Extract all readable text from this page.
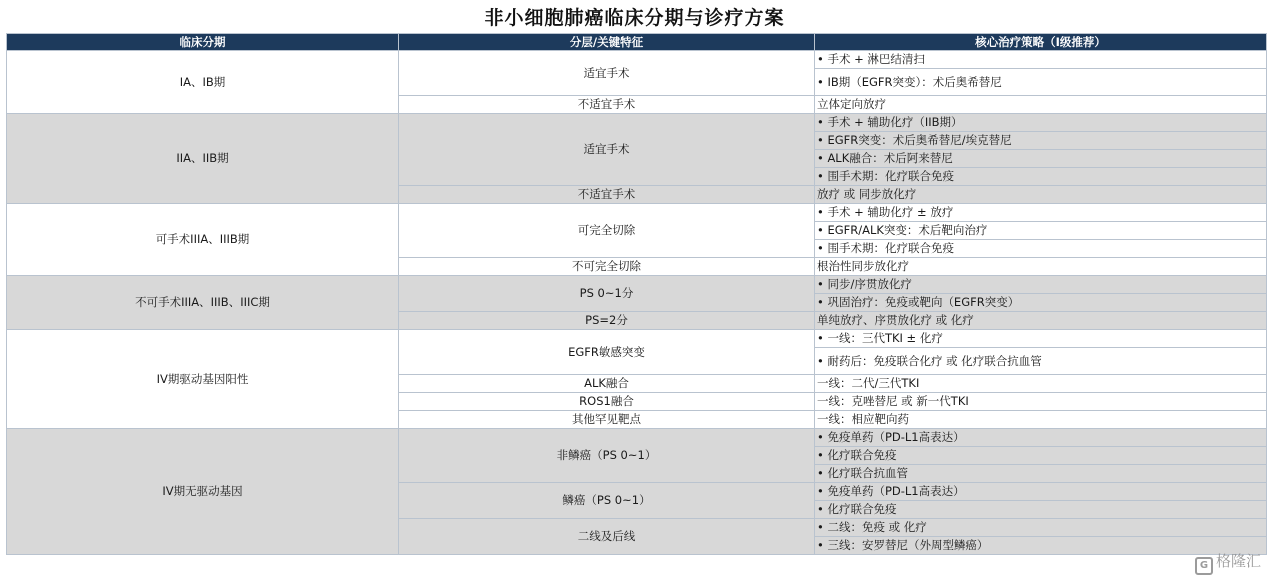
非小细胞肺癌临床分期与诊疗方案
临床分期	分层/关键特征	核心治疗策略（Ⅰ级推荐）
IA、IB期	适宜手术	• 手术 + 淋巴结清扫
		• IB期（EGFR突变）：术后奥希替尼
	不适宜手术	立体定向放疗
IIA、IIB期	适宜手术	• 手术 + 辅助化疗（IIB期）
		• EGFR突变：术后奥希替尼/埃克替尼
		• ALK融合：术后阿来替尼
		• 围手术期：化疗联合免疫
	不适宜手术	放疗 或 同步放化疗
可手术IIIA、IIIB期	可完全切除	• 手术 + 辅助化疗 ± 放疗
		• EGFR/ALK突变：术后靶向治疗
		• 围手术期：化疗联合免疫
	不可完全切除	根治性同步放化疗
不可手术IIIA、IIIB、IIIC期	PS 0~1分	• 同步/序贯放化疗
		• 巩固治疗：免疫或靶向（EGFR突变）
	PS=2分	单纯放疗、序贯放化疗 或 化疗
IV期驱动基因阳性	EGFR敏感突变	• 一线：三代TKI ± 化疗
		• 耐药后：免疫联合化疗 或 化疗联合抗血管
	ALK融合	一线：二代/三代TKI
	ROS1融合	一线：克唑替尼 或 新一代TKI
	其他罕见靶点	一线：相应靶向药
IV期无驱动基因	非鳞癌（PS 0~1）	• 免疫单药（PD-L1高表达）
		• 化疗联合免疫
		• 化疗联合抗血管
	鳞癌（PS 0~1）	• 免疫单药（PD-L1高表达）
		• 化疗联合免疫
	二线及后线	• 二线：免疫 或 化疗
		• 三线：安罗替尼（外周型鳞癌）
G 格隆汇
